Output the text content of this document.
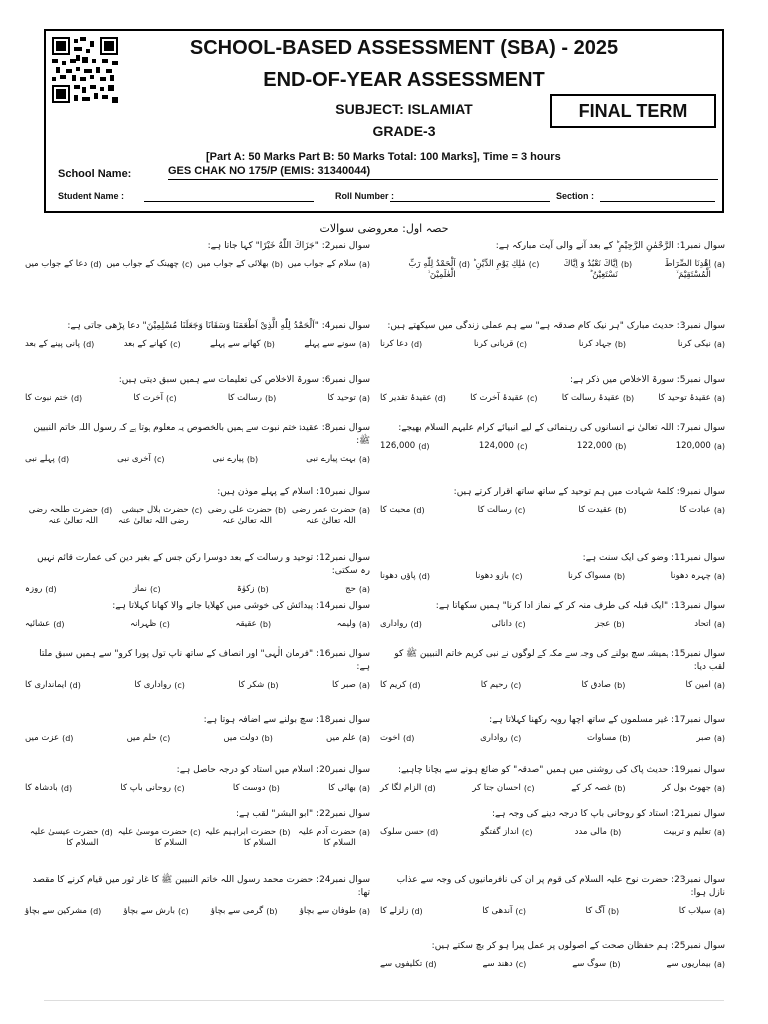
SCHOOL-BASED ASSESSMENT (SBA) - 2025
END-OF-YEAR ASSESSMENT
SUBJECT: ISLAMIAT
GRADE-3
FINAL TERM
[Part A: 50 Marks Part B: 50 Marks Total: 100 Marks], Time = 3 hours
School Name:	GES CHAK NO 175/P (EMIS: 31340044)
Student Name :	Roll Number :	Section :
حصہ اول: معروضی سوالات
سوال نمبر1: الرَّحْمٰنِ الرَّحِیْمِ ؕ کے بعد آنے والی آیت مبارکہ ہے:
(a)
اِهْدِنَا الصِّرَاطَ الْمُسْتَقِیْمَ ۙ
(b)
اِیَّاكَ نَعْبُدُ وَ اِیَّاكَ نَسْتَعِیْنُ ؕ
(c)
مٰلِكِ یَوْمِ الدِّیْنِ ؕ
(d)
اَلْحَمْدُ لِلّٰهِ رَبِّ الْعٰلَمِیْنَ ۙ
سوال نمبر3: حدیث مبارک "ہر نیک کام صدقہ ہے" سے ہم عملی زندگی میں سیکھتے ہیں:
(a)
نیکی کرنا
(b)
جہاد کرنا
(c)
قربانی کرنا
(d)
دعا کرنا
سوال نمبر5: سورۃ الاخلاص میں ذکر ہے:
(a)
عقیدۂ توحید کا
(b)
عقیدۂ رسالت کا
(c)
عقیدۂ آخرت کا
(d)
عقیدۂ تقدیر کا
سوال نمبر7: اللہ تعالیٰ نے انسانوں کی رہنمائی کے لیے انبیائے کرام علیہم السلام بھیجے:
(a)
120,000
(b)
122,000
(c)
124,000
(d)
126,000
سوال نمبر9: کلمۂ شہادت میں ہم توحید کے ساتھ ساتھ اقرار کرتے ہیں:
(a)
عبادت کا
(b)
عقیدت کا
(c)
رسالت کا
(d)
محبت کا
سوال نمبر11: وضو کی ایک سنت ہے:
(a)
چہرہ دھونا
(b)
مسواک کرنا
(c)
بازو دھونا
(d)
پاؤں دھونا
سوال نمبر13: "ایک قبلہ کی طرف منہ کر کے نماز ادا کرنا" ہمیں سکھاتا ہے:
(a)
اتحاد
(b)
عجز
(c)
دانائی
(d)
رواداری
سوال نمبر15: ہمیشہ سچ بولنے کی وجہ سے مکہ کے لوگوں نے نبی کریم خاتم النبیین ﷺ کو لقب دیا:
(a)
امین کا
(b)
صادق کا
(c)
رحیم کا
(d)
کریم کا
سوال نمبر17: غیر مسلموں کے ساتھ اچھا رویہ رکھنا کہلاتا ہے:
(a)
صبر
(b)
مساوات
(c)
رواداری
(d)
اخوت
سوال نمبر19: حدیث پاک کی روشنی میں ہمیں "صدقہ" کو ضائع ہونے سے بچانا چاہیے:
(a)
جھوٹ بول کر
(b)
غصہ کر کے
(c)
احسان جتا کر
(d)
الزام لگا کر
سوال نمبر21: استاد کو روحانی باپ کا درجہ دینے کی وجہ ہے:
(a)
تعلیم و تربیت
(b)
مالی مدد
(c)
انداز گفتگو
(d)
حسن سلوک
سوال نمبر23: حضرت نوح علیہ السلام کی قوم پر ان کی نافرمانیوں کی وجہ سے عذاب نازل ہوا:
(a)
سیلاب کا
(b)
آگ کا
(c)
آندھی کا
(d)
زلزلے کا
سوال نمبر25: ہم حفظان صحت کے اصولوں پر عمل پیرا ہو کر بچ سکتے ہیں:
(a)
بیماریوں سے
(b)
سوگ سے
(c)
دھند سے
(d)
تکلیفوں سے
سوال نمبر2: "جَزَاكَ اللّٰهُ خَیْرًا" کہا جاتا ہے:
(a)
سلام کے جواب میں
(b)
بھلائی کے جواب میں
(c)
چھینک کے جواب میں
(d)
دعا کے جواب میں
سوال نمبر4: "اَلْحَمْدُ لِلّٰهِ الَّذِیْ اَطْعَمَنَا وَسَقَانَا وَجَعَلَنَا مُسْلِمِیْنَ" دعا پڑھی جاتی ہے:
(a)
سونے سے پہلے
(b)
کھانے سے پہلے
(c)
کھانے کے بعد
(d)
پانی پینے کے بعد
سوال نمبر6: سورۃ الاخلاص کی تعلیمات سے ہمیں سبق دیتی ہیں:
(a)
توحید کا
(b)
رسالت کا
(c)
آخرت کا
(d)
ختم نبوت کا
سوال نمبر8: عقیدۂ ختم نبوت سے ہمیں بالخصوص یہ معلوم ہوتا ہے کہ رسول اللہ خاتم النبیین ﷺ:
(a)
بہت پیارے نبی
(b)
پیارے نبی
(c)
آخری نبی
(d)
پہلے نبی
سوال نمبر10: اسلام کے پہلے موذن ہیں:
(a)
حضرت عمر رضی اللہ تعالیٰ عنہ
(b)
حضرت علی رضی اللہ تعالیٰ عنہ
(c)
حضرت بلال حبشی رضی اللہ تعالیٰ عنہ
(d)
حضرت طلحہ رضی اللہ تعالیٰ عنہ
سوال نمبر12: توحید و رسالت کے بعد دوسرا رکن جس کے بغیر دین کی عمارت قائم نہیں رہ سکتی:
(a)
حج
(b)
زکوٰۃ
(c)
نماز
(d)
روزہ
سوال نمبر14: پیدائش کی خوشی میں کھلایا جانے والا کھانا کہلاتا ہے:
(a)
ولیمہ
(b)
عقیقہ
(c)
ظہرانہ
(d)
عشائیہ
سوال نمبر16: "فرمان الٰہی" اور انصاف کے ساتھ ناپ تول پورا کرو" سے ہمیں سبق ملتا ہے:
(a)
صبر کا
(b)
شکر کا
(c)
رواداری کا
(d)
ایمانداری کا
سوال نمبر18: سچ بولنے سے اضافہ ہوتا ہے:
(a)
علم میں
(b)
دولت میں
(c)
حلم میں
(d)
عزت میں
سوال نمبر20: اسلام میں استاد کو درجہ حاصل ہے:
(a)
بھائی کا
(b)
دوست کا
(c)
روحانی باپ کا
(d)
بادشاہ کا
سوال نمبر22: "ابو البشر" لقب ہے:
(a)
حضرت آدم علیہ السلام کا
(b)
حضرت ابراہیم علیہ السلام کا
(c)
حضرت موسیٰ علیہ السلام کا
(d)
حضرت عیسیٰ علیہ السلام کا
سوال نمبر24: حضرت محمد رسول اللہ خاتم النبیین ﷺ کا غار ثور میں قیام کرنے کا مقصد تھا:
(a)
طوفان سے بچاؤ
(b)
گرمی سے بچاؤ
(c)
بارش سے بچاؤ
(d)
مشرکین سے بچاؤ
